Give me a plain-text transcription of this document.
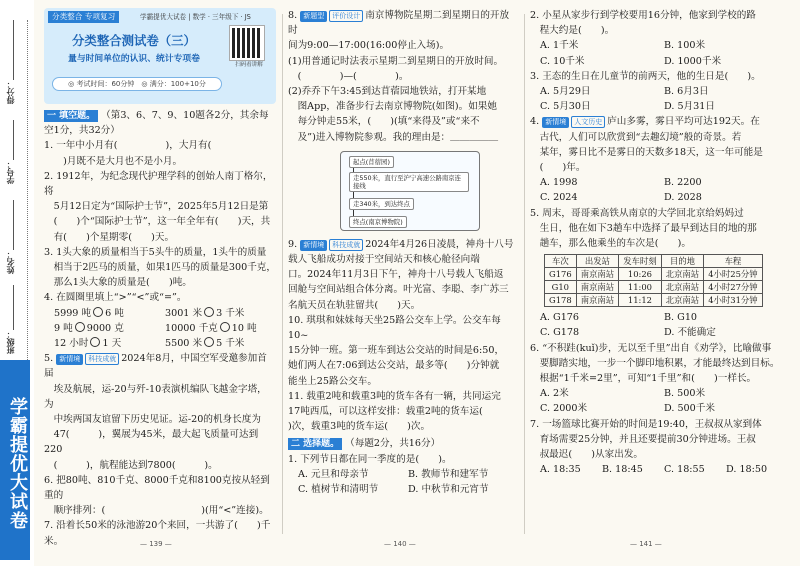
得分：
学号：
姓名：
班级：
学霸提优大试卷
分类整合 专项复习	学霸提优大试卷 | 数学 · 三年级下 · JS
分类整合测试卷（三）
量与时间单位的认识、统计专项卷
◎ 考试时间：60分钟　◎ 满分：100+10分
扫码看讲解
一 填空题。 （第3、6、7、9、10题各2分，其余每空1分，共32分）

1. 一年中小月有(　　　　　)，大月有(　　　　　

　　)月既不是大月也不是小月。

2. 1912年，为纪念现代护理学科的创始人南丁格尔，将

　5月12日定为“国际护士节”，2025年5月12日是第

　(　　)个“国际护士节”，这一年全年有(　　)天，共

　有(　　)个星期零(　　)天。

3. 1头大象的质量相当于5头牛的质量，1头牛的质量

　相当于2匹马的质量，如果1匹马的质量是300千克，

　那么1头大象的质量是(　　)吨。

4. 在圆圈里填上“>”“<”或“=”。

5999 吨 6 吨	3001 米 3 千米
9 吨 9000 克	10000 千克 10 吨
12 小时 1 天	5500 米 5 千米

5. 新情境 科技成就 2024年8月，中国空军受邀参加首届

　埃及航展，运-20与歼-10表演机编队飞越金字塔，为

　中埃两国友谊留下历史见证。运-20的机身长度为

　47(　　　)，翼展为45米，最大起飞质量可达到220

　(　　　)，航程能达到7800(　　　)。

6. 把80吨、810千克、8000千克和8100克按从轻到重的

　顺序排列：(　　　　　　　　　　)(用“<”连接)。

7. 沿着长50米的泳池游20个来回，一共游了(　　)千米。	— 139 —

8. 新题型 评价设计 南京博物院星期二到星期日的开放时

间为9:00—17:00(16:00停止入场)。

(1)用普通记时法表示星期二到星期日的开放时间。

　(　　　　)—(　　　　)。

(2)乔乔下午3:45到达苜蓿园地铁站，打开某地

　图App，准备步行去南京博物院(如图)。如果她

　每分钟走55米，(　　)(填“来得及”或“来不

　及”)进入博物院参观。我的理由是：＿＿＿＿＿

起点(苜蓿园)
走550米，直行至沪宁高速公路南京连接线
走340米，到达终点
终点(南京博物院)

9. 新情境 科技成就 2024年4月26日凌晨，神舟十八号

载人飞船成功对接于空间站天和核心舱径向端

口。2024年11月3日下午，神舟十八号载人飞船返

回舱与空间站组合体分离。叶光富、李聪、李广苏三

名航天员在轨驻留共(　　)天。

10. 琪琪和妹妹每天坐25路公交车上学。公交车每10~

15分钟一班。第一班车到达公交站的时间是6:50，

她们两人在7:06到达公交站，最多等(　　)分钟就

能坐上25路公交车。

11. 载重2吨和载重3吨的货车各有一辆，共同运完

17吨西瓜，可以这样安排：载重2吨的货车运(　　

)次，载重3吨的货车运(　　)次。

二 选择题。 （每题2分，共16分）

1. 下列节日都在同一季度的是(　　)。

A. 元旦和母亲节	B. 教师节和建军节
C. 植树节和清明节	D. 中秋节和元宵节
— 140 —

2. 小星从家步行到学校要用16分钟，他家到学校的路

　程大约是(　　)。

A. 1千米	B. 100米
C. 10千米	D. 1000千米

3. 王态的生日在儿童节的前两天，他的生日是(　　)。

A. 5月29日	B. 6月3日
C. 5月30日	D. 5月31日

4. 新情境 人文历史 庐山多雾，雾日平均可达192天。在

　古代，人们可以欣赏到“去趣幻境”般的奇景。若

　某年，雾日比不是雾日的天数多18天，这一年可能是

　(　　)年。

A. 1998	B. 2200
C. 2024	D. 2028

5. 周末，哥哥乘高铁从南京的大学回北京给妈妈过

　生日，他在如下3趟车中选择了最早到达目的地的那

　趟车，那么他乘坐的车次是(　　)。

车次	出发站	发车时刻	目的地	车程
G176	南京南站	10:26	北京南站	4小时25分钟
G10	南京南站	11:00	北京南站	4小时27分钟
G178	南京南站	11:12	北京南站	4小时31分钟
A. G176	B. G10
C. G178	D. 不能确定

6. “不积跬(kuǐ)步，无以至千里”出自《劝学》，比喻做事

　要脚踏实地，一步一个脚印地积累，才能最终达到目标。

　根据“1千米=2里”，可知“1千里”和(　　)一样长。

A. 2米	B. 500米
C. 2000米	D. 500千米

7. 一场篮球比赛开始的时间是19:40，王叔叔从家到体

　育场需要25分钟，并且还要提前30分钟进场。王叔

　叔最迟(　　)从家出发。

A. 18:35	B. 18:45	C. 18:55	D. 18:50
— 141 —
